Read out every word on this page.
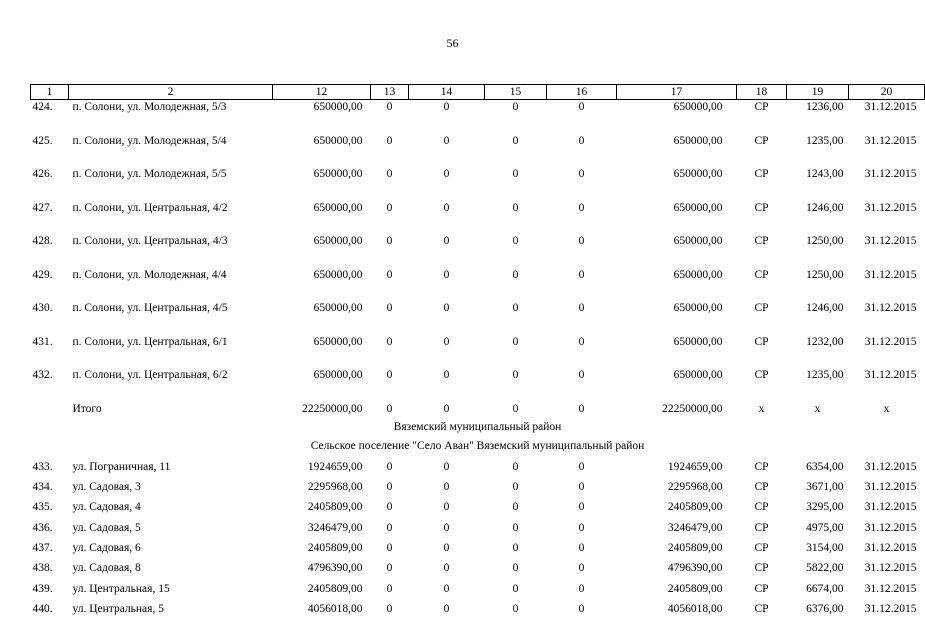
56
1	2	12	13	14	15	16	17	18	19	20
424.	п. Солони, ул. Молодежная, 5/3	650000,00	0	0	0	0	650000,00	СР	1236,00	31.12.2015
425.	п. Солони, ул. Молодежная, 5/4	650000,00	0	0	0	0	650000,00	СР	1235,00	31.12.2015
426.	п. Солони, ул. Молодежная, 5/5	650000,00	0	0	0	0	650000,00	СР	1243,00	31.12.2015
427.	п. Солони, ул. Центральная, 4/2	650000,00	0	0	0	0	650000,00	СР	1246,00	31.12.2015
428.	п. Солони, ул. Центральная, 4/3	650000,00	0	0	0	0	650000,00	СР	1250,00	31.12.2015
429.	п. Солони, ул. Молодежная, 4/4	650000,00	0	0	0	0	650000,00	СР	1250,00	31.12.2015
430.	п. Солони, ул. Центральная, 4/5	650000,00	0	0	0	0	650000,00	СР	1246,00	31.12.2015
431.	п. Солони, ул. Центральная, 6/1	650000,00	0	0	0	0	650000,00	СР	1232,00	31.12.2015
432.	п. Солони, ул. Центральная, 6/2	650000,00	0	0	0	0	650000,00	СР	1235,00	31.12.2015
	Итого	22250000,00	0	0	0	0	22250000,00	х	х	х
Вяземский муниципальный район										
Сельское поселение "Село Аван" Вяземский муниципальный район										
433.	ул. Пограничная, 11	1924659,00	0	0	0	0	1924659,00	СР	6354,00	31.12.2015
434.	ул. Садовая, 3	2295968,00	0	0	0	0	2295968,00	СР	3671,00	31.12.2015
435.	ул. Садовая, 4	2405809,00	0	0	0	0	2405809,00	СР	3295,00	31.12.2015
436.	ул. Садовая, 5	3246479,00	0	0	0	0	3246479,00	СР	4975,00	31.12.2015
437.	ул. Садовая, 6	2405809,00	0	0	0	0	2405809,00	СР	3154,00	31.12.2015
438.	ул. Садовая, 8	4796390,00	0	0	0	0	4796390,00	СР	5822,00	31.12.2015
439.	ул. Центральная, 15	2405809,00	0	0	0	0	2405809,00	СР	6674,00	31.12.2015
440.	ул. Центральная, 5	4056018,00	0	0	0	0	4056018,00	СР	6376,00	31.12.2015
